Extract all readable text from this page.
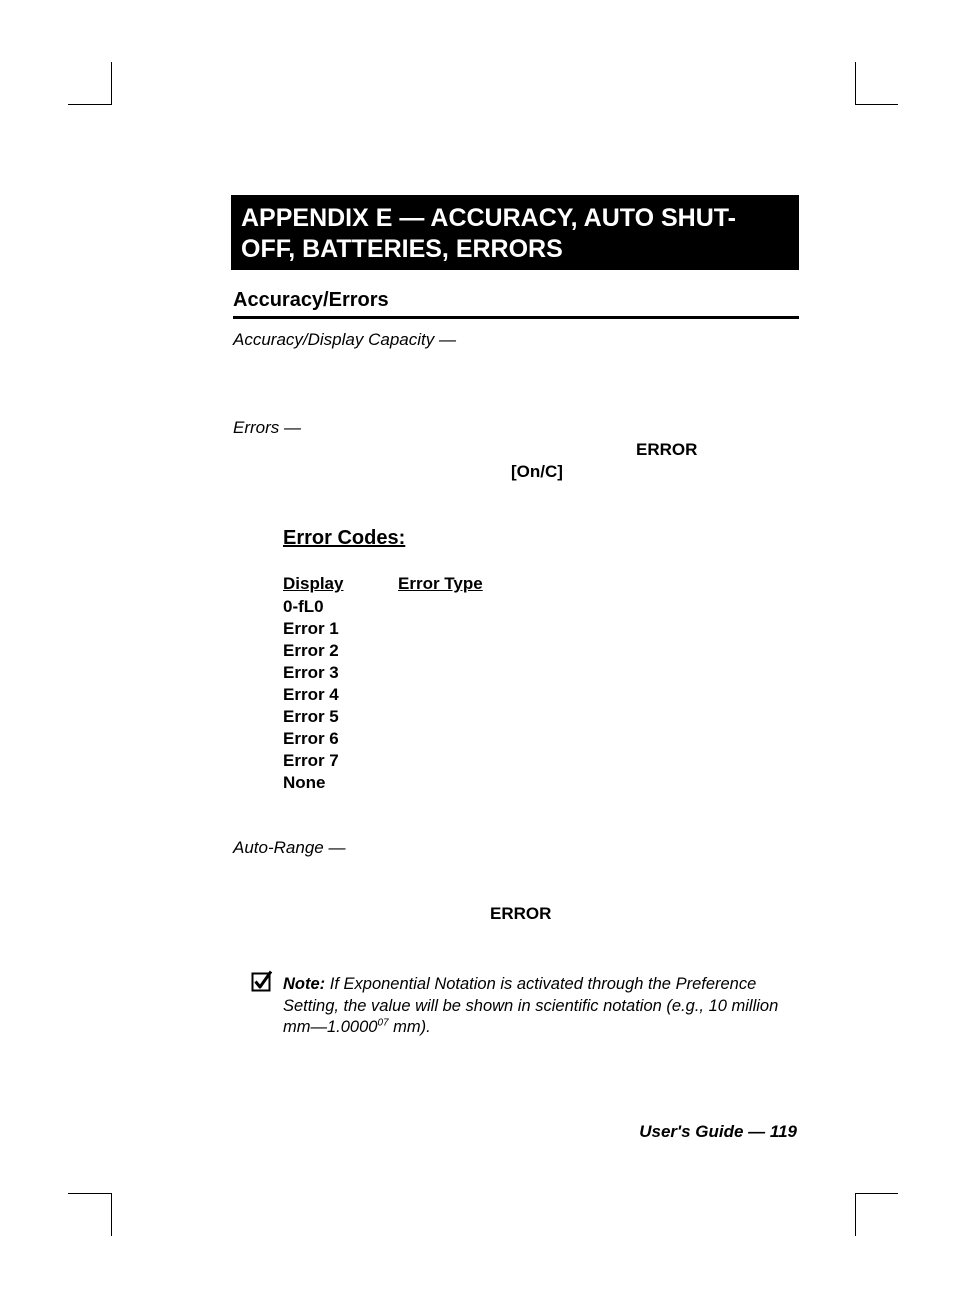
APPENDIX E — ACCURACY, AUTO SHUT-
OFF, BATTERIES, ERRORS
Accuracy/Errors
Accuracy/Display Capacity —
Errors —
ERROR
[On/C]
Error Codes:
Display	Error Type
0-fL0
Error 1
Error 2
Error 3
Error 4
Error 5
Error 6
Error 7
None
Auto-Range —
ERROR
Note: If Exponential Notation is activated through the Preference Setting, the value will be shown in scientific notation (e.g., 10 million mm—1.0000$^{07}$ mm).
User's Guide — 119
